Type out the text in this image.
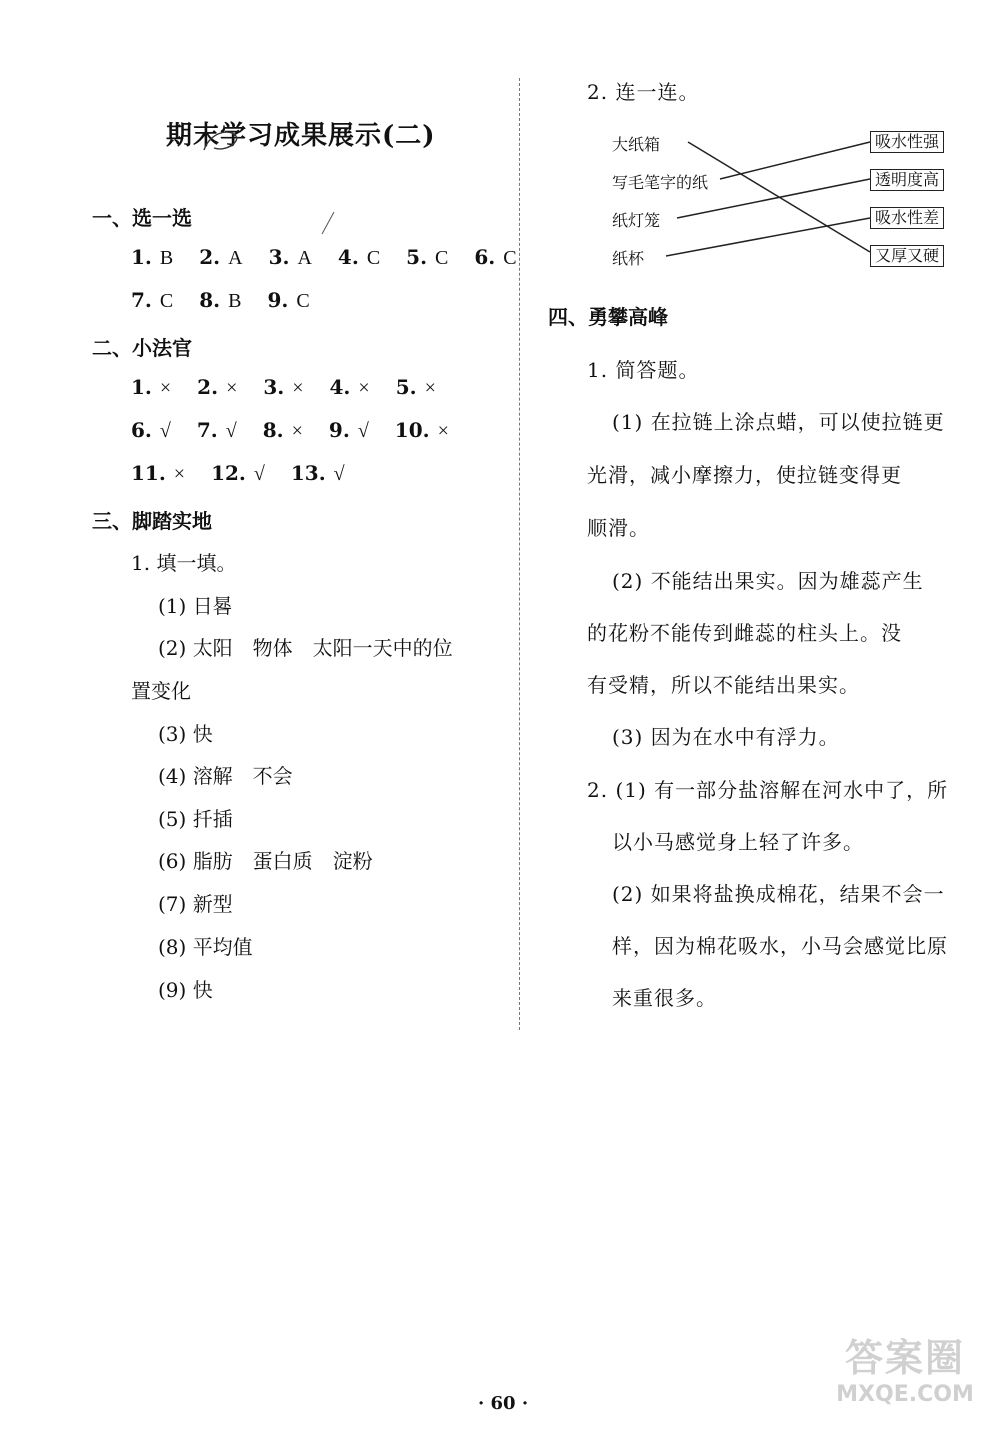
期末学习成果展示(二)
一、选一选
1. B 2. A 3. A 4. C 5. C 6. C
7. C 8. B 9. C
二、小法官
1. × 2. × 3. × 4. × 5. ×
6. √ 7. √ 8. × 9. √ 10. ×
11. × 12. √ 13. √
三、脚踏实地
1. 填一填。
(1) 日晷
(2) 太阳　物体　太阳一天中的位
置变化
(3) 快
(4) 溶解　不会
(5) 扦插
(6) 脂肪　蛋白质　淀粉
(7) 新型
(8) 平均值
(9) 快
2. 连一连。
大纸箱
写毛笔字的纸
纸灯笼
纸杯
吸水性强
透明度高
吸水性差
又厚又硬
四、勇攀高峰
1. 简答题。
(1) 在拉链上涂点蜡，可以使拉链更
光滑，减小摩擦力，使拉链变得更
顺滑。
(2) 不能结出果实。因为雄蕊产生
的花粉不能传到雌蕊的柱头上。没
有受精，所以不能结出果实。
(3) 因为在水中有浮力。
2. (1) 有一部分盐溶解在河水中了，所
以小马感觉身上轻了许多。
(2) 如果将盐换成棉花，结果不会一
样，因为棉花吸水，小马会感觉比原
来重很多。
· 60 ·
答案圈
MXQE.COM
